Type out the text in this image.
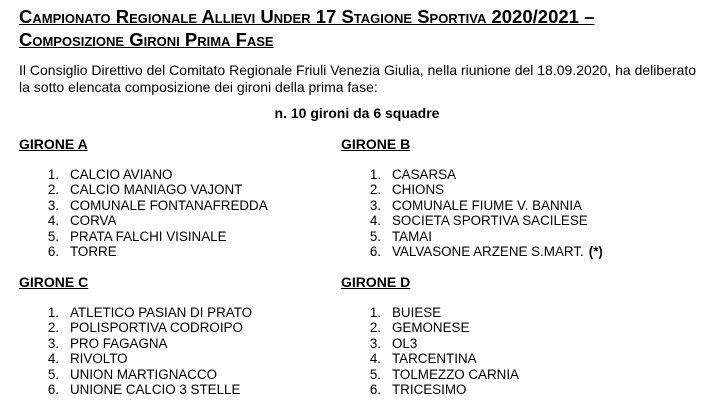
Campionato Regionale Allievi Under 17 Stagione Sportiva 2020/2021 – Composizione Gironi Prima Fase

Il Consiglio Direttivo del Comitato Regionale Friuli Venezia Giulia, nella riunione del 18.09.2020, ha deliberato la sotto elencata composizione dei gironi della prima fase:

n. 10 gironi da 6 squadre

GIRONE A
1. CALCIO AVIANO
2. CALCIO MANIAGO VAJONT
3. COMUNALE FONTANAFREDDA
4. CORVA
5. PRATA FALCHI VISINALE
6. TORRE
GIRONE B
1. CASARSA
2. CHIONS
3. COMUNALE FIUME V. BANNIA
4. SOCIETA SPORTIVA SACILESE
5. TAMAI
6. VALVASONE ARZENE S.MART. (*)
GIRONE C
1. ATLETICO PASIAN DI PRATO
2. POLISPORTIVA CODROIPO
3. PRO FAGAGNA
4. RIVOLTO
5. UNION MARTIGNACCO
6. UNIONE CALCIO 3 STELLE
GIRONE D
1. BUIESE
2. GEMONESE
3. OL3
4. TARCENTINA
5. TOLMEZZO CARNIA
6. TRICESIMO
